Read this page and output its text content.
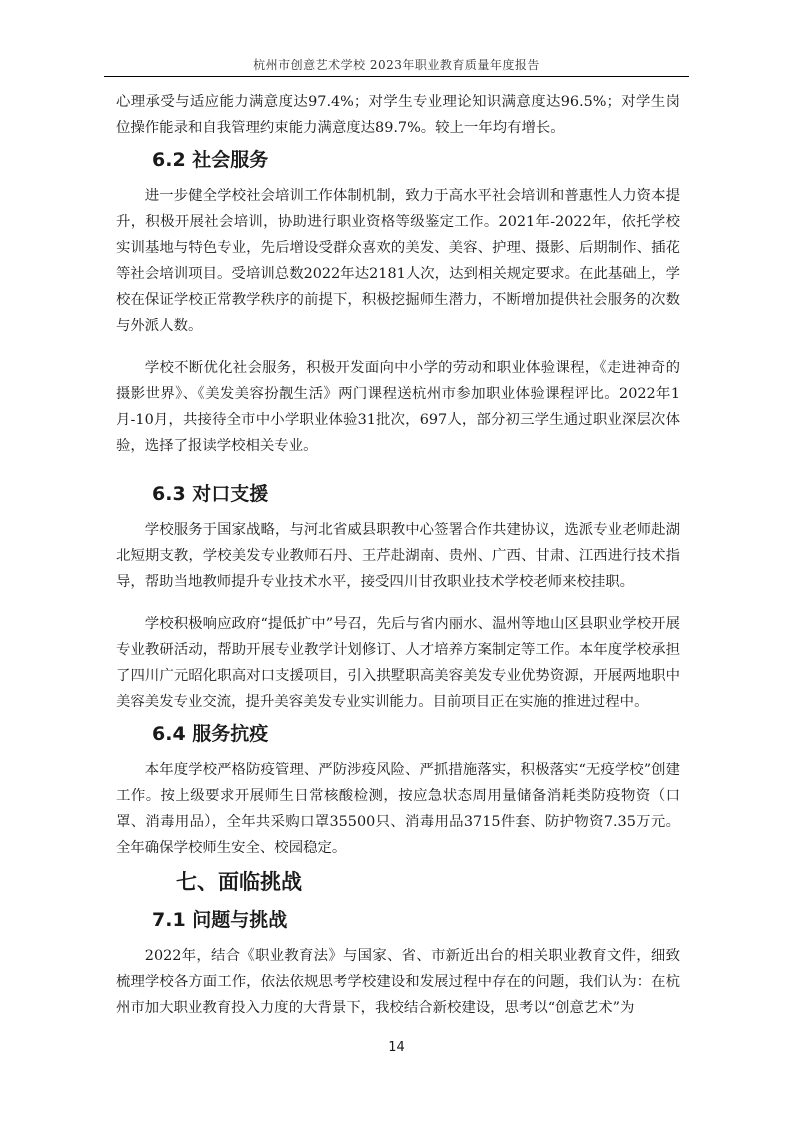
杭州市创意艺术学校 2023年职业教育质量年度报告

心理承受与适应能力满意度达97.4%；对学生专业理论知识满意度达96.5%；对学生岗位操作能录和自我管理约束能力满意度达89.7%。较上一年均有增长。

6.2 社会服务

进一步健全学校社会培训工作体制机制，致力于高水平社会培训和普惠性人力资本提升，积极开展社会培训，协助进行职业资格等级鉴定工作。2021年-2022年，依托学校实训基地与特色专业，先后增设受群众喜欢的美发、美容、护理、摄影、后期制作、插花等社会培训项目。受培训总数2022年达2181人次，达到相关规定要求。在此基础上，学校在保证学校正常教学秩序的前提下，积极挖掘师生潜力，不断增加提供社会服务的次数与外派人数。

学校不断优化社会服务，积极开发面向中小学的劳动和职业体验课程，《走进神奇的摄影世界》、《美发美容扮靓生活》两门课程送杭州市参加职业体验课程评比。2022年1月-10月，共接待全市中小学职业体验31批次，697人，部分初三学生通过职业深层次体验，选择了报读学校相关专业。

6.3 对口支援

学校服务于国家战略，与河北省威县职教中心签署合作共建协议，选派专业老师赴湖北短期支教，学校美发专业教师石丹、王芹赴湖南、贵州、广西、甘肃、江西进行技术指导，帮助当地教师提升专业技术水平，接受四川甘孜职业技术学校老师来校挂职。

学校积极响应政府“提低扩中”号召，先后与省内丽水、温州等地山区县职业学校开展专业教研活动，帮助开展专业教学计划修订、人才培养方案制定等工作。本年度学校承担了四川广元昭化职高对口支援项目，引入拱墅职高美容美发专业优势资源，开展两地职中美容美发专业交流，提升美容美发专业实训能力。目前项目正在实施的推进过程中。

6.4 服务抗疫

本年度学校严格防疫管理、严防涉疫风险、严抓措施落实，积极落实“无疫学校”创建工作。按上级要求开展师生日常核酸检测，按应急状态周用量储备消耗类防疫物资（口罩、消毒用品），全年共采购口罩35500只、消毒用品3715件套、防护物资7.35万元。全年确保学校师生安全、校园稳定。

七、面临挑战
7.1 问题与挑战

2022年，结合《职业教育法》与国家、省、市新近出台的相关职业教育文件，细致梳理学校各方面工作，依法依规思考学校建设和发展过程中存在的问题，我们认为：在杭州市加大职业教育投入力度的大背景下，我校结合新校建设，思考以“创意艺术”为

14
